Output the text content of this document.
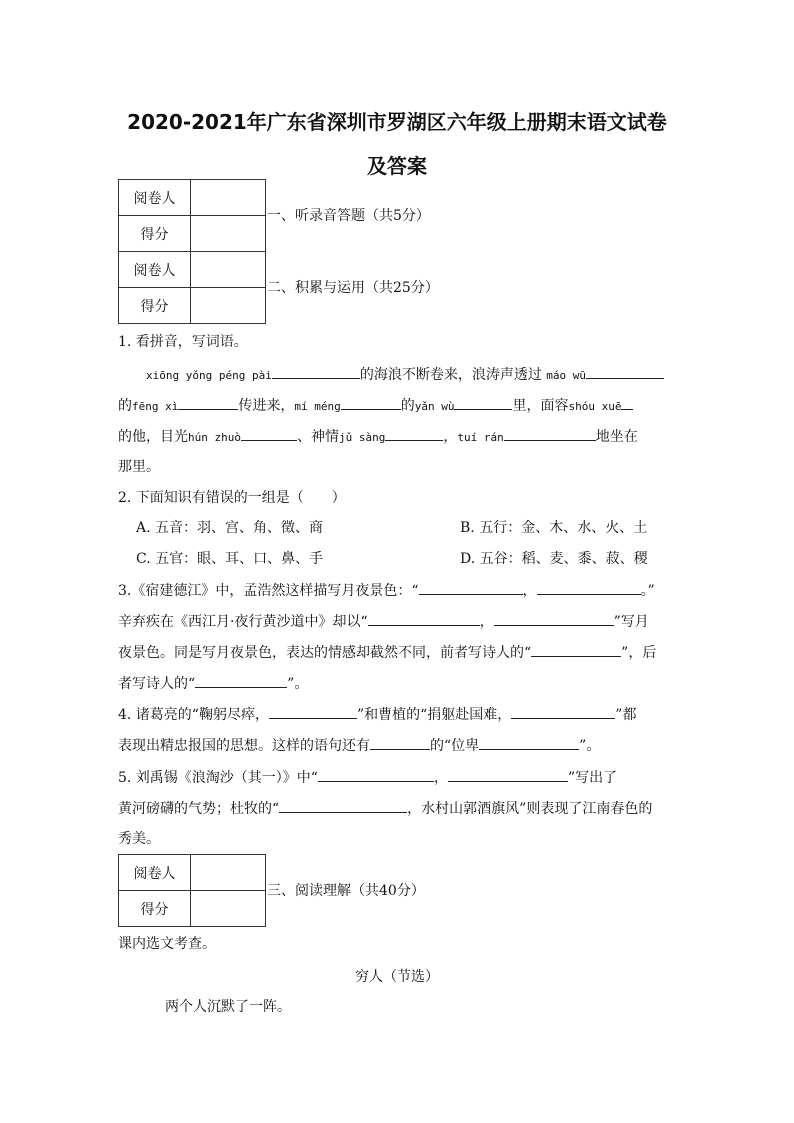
2020-2021年广东省深圳市罗湖区六年级上册期末语文试卷
及答案
阅卷人	
得分	
阅卷人	
得分	
一、听录音答题（共5分）
二、积累与运用（共25分）
1. 看拼音，写词语。
xiōng yǒng péng pài	的海浪不断卷来，浪涛声透过 máo wū
的fēng xì	传进来，mí méng	的yǎn wù	里，面容shóu xuē
的他，目光hún zhuò	、神情jǔ sàng	，tuí rán	地坐在
那里。
2. 下面知识有错误的一组是（　　）
A. 五音：羽、宫、角、徵、商	B. 五行：金、木、水、火、土
C. 五官：眼、耳、口、鼻、手	D. 五谷：稻、麦、黍、菽、稷
3.《宿建德江》中，孟浩然这样描写月夜景色：“	，	。”
辛弃疾在《西江月·夜行黄沙道中》却以“	，	”写月
夜景色。同是写月夜景色，表达的情感却截然不同，前者写诗人的“	”，后
者写诗人的“	”。
4. 诸葛亮的“鞠躬尽瘁，	”和曹植的“捐躯赴国难，	”都
表现出精忠报国的思想。这样的语句还有	的“位卑	”。
5. 刘禹锡《浪淘沙（其一）》中“	，	”写出了
黄河磅礴的气势；杜牧的“	，水村山郭酒旗风”则表现了江南春色的
秀美。
阅卷人	
得分	
三、阅读理解（共40分）
课内选文考查。
穷人（节选）
两个人沉默了一阵。
